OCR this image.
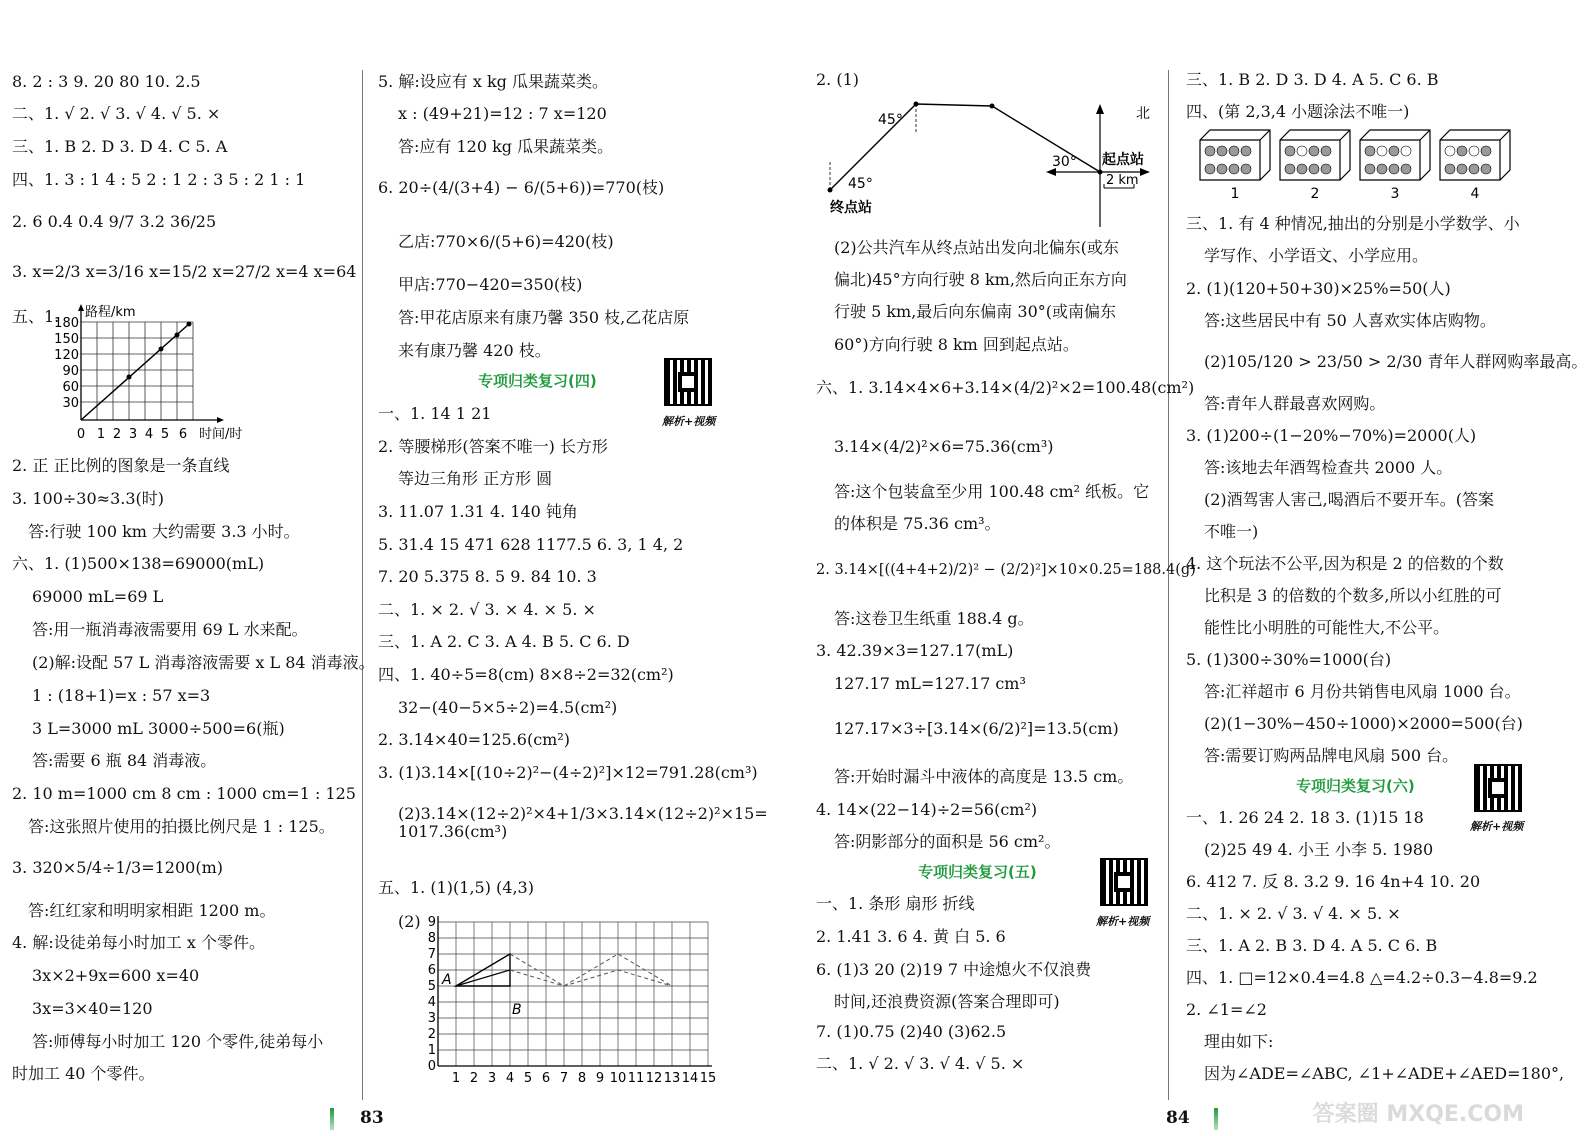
8. 2 : 3 9. 20 80 10. 2.5
二、1. √ 2. √ 3. √ 4. √ 5. ×
三、1. B 2. D 3. D 4. C 5. A
四、1. 3 : 1 4 : 5 2 : 1 2 : 3 5 : 2 1 : 1
2. 6 0.4 0.4 9/7 3.2 36/25
3. x=2/3 x=3/16 x=15/2 x=27/2 x=4 x=64
五、1. 路程/km
180
150
120
90
60
30
0 1 2 3 4 5 6 时间/时
2. 正 正比例的图象是一条直线
3. 100÷30≈3.3(时)
答:行驶 100 km 大约需要 3.3 小时。
六、1. (1)500×138=69000(mL)
69000 mL=69 L
答:用一瓶消毒液需要用 69 L 水来配。
(2)解:设配 57 L 消毒溶液需要 x L 84 消毒液。
1 : (18+1)=x : 57 x=3
3 L=3000 mL 3000÷500=6(瓶)
答:需要 6 瓶 84 消毒液。
2. 10 m=1000 cm 8 cm : 1000 cm=1 : 125
答:这张照片使用的拍摄比例尺是 1 : 125。
3. 320×5/4÷1/3=1200(m)
答:红红家和明明家相距 1200 m。
4. 解:设徒弟每小时加工 x 个零件。
3x×2+9x=600 x=40
3x=3×40=120
答:师傅每小时加工 120 个零件,徒弟每小
时加工 40 个零件。
5. 解:设应有 x kg 瓜果蔬菜类。
x : (49+21)=12 : 7 x=120
答:应有 120 kg 瓜果蔬菜类。
6. 20÷(4/(3+4) − 6/(5+6))=770(枝)
乙店:770×6/(5+6)=420(枝)
甲店:770−420=350(枝)
答:甲花店原来有康乃馨 350 枝,乙花店原
来有康乃馨 420 枝。
专项归类复习(四)
解析+视频
一、1. 14 1 21
2. 等腰梯形(答案不唯一) 长方形
等边三角形 正方形 圆
3. 11.07 1.31 4. 140 钝角
5. 31.4 15 471 628 1177.5 6. 3, 1 4, 2
7. 20 5.375 8. 5 9. 84 10. 3
二、1. × 2. √ 3. × 4. × 5. ×
三、1. A 2. C 3. A 4. B 5. C 6. D
四、1. 40÷5=8(cm) 8×8÷2=32(cm²)
32−(40−5×5÷2)=4.5(cm²)
2. 3.14×40=125.6(cm²)
3. (1)3.14×[(10÷2)²−(4÷2)²]×12=791.28(cm³)
(2)3.14×(12÷2)²×4+1/3×3.14×(12÷2)²×15=
1017.36(cm³)
五、1. (1)(1,5) (4,3)
(2)
A
B
9
8
7
6
5
4
3
2
1
0
1 2 3 4 5 6 7 8 9 10 11 12 13 14 15
2. (1)
北
起点站
终点站
45°
45°
30°
2 km
(2)公共汽车从终点站出发向北偏东(或东
偏北)45°方向行驶 8 km,然后向正东方向
行驶 5 km,最后向东偏南 30°(或南偏东
60°)方向行驶 8 km 回到起点站。
六、1. 3.14×4×6+3.14×(4/2)²×2=100.48(cm²)
3.14×(4/2)²×6=75.36(cm³)
答:这个包装盒至少用 100.48 cm² 纸板。它
的体积是 75.36 cm³。
2. 3.14×[((4+4+2)/2)² − (2/2)²]×10×0.25=188.4(g)
答:这卷卫生纸重 188.4 g。
3. 42.39×3=127.17(mL)
127.17 mL=127.17 cm³
127.17×3÷[3.14×(6/2)²]=13.5(cm)
答:开始时漏斗中液体的高度是 13.5 cm。
4. 14×(22−14)÷2=56(cm²)
答:阴影部分的面积是 56 cm²。
专项归类复习(五)
解析+视频
一、1. 条形 扇形 折线
2. 1.41 3. 6 4. 黄 白 5. 6
6. (1)3 20 (2)19 7 中途熄火不仅浪费
时间,还浪费资源(答案合理即可)
7. (1)0.75 (2)40 (3)62.5
二、1. √ 2. √ 3. √ 4. √ 5. ×
三、1. B 2. D 3. D 4. A 5. C 6. B
四、(第 2,3,4 小题涂法不唯一)
1	2	3	4
三、1. 有 4 种情况,抽出的分别是小学数学、小
学写作、小学语文、小学应用。
2. (1)(120+50+30)×25%=50(人)
答:这些居民中有 50 人喜欢实体店购物。
(2)105/120 > 23/50 > 2/30 青年人群网购率最高。
答:青年人群最喜欢网购。
3. (1)200÷(1−20%−70%)=2000(人)
答:该地去年酒驾检查共 2000 人。
(2)酒驾害人害己,喝酒后不要开车。(答案
不唯一)
4. 这个玩法不公平,因为积是 2 的倍数的个数
比积是 3 的倍数的个数多,所以小红胜的可
能性比小明胜的可能性大,不公平。
5. (1)300÷30%=1000(台)
答:汇祥超市 6 月份共销售电风扇 1000 台。
(2)(1−30%−450÷1000)×2000=500(台)
答:需要订购两品牌电风扇 500 台。
专项归类复习(六)
解析+视频
一、1. 26 24 2. 18 3. (1)15 18
(2)25 49 4. 小王 小李 5. 1980
6. 412 7. 反 8. 3.2 9. 16 4n+4 10. 20
二、1. × 2. √ 3. √ 4. × 5. ×
三、1. A 2. B 3. D 4. A 5. C 6. B
四、1. □=12×0.4=4.8 △=4.2÷0.3−4.8=9.2
2. ∠1=∠2
理由如下:
因为∠ADE=∠ABC, ∠1+∠ADE+∠AED=180°,
83	84	答案圈 MXQE.COM
